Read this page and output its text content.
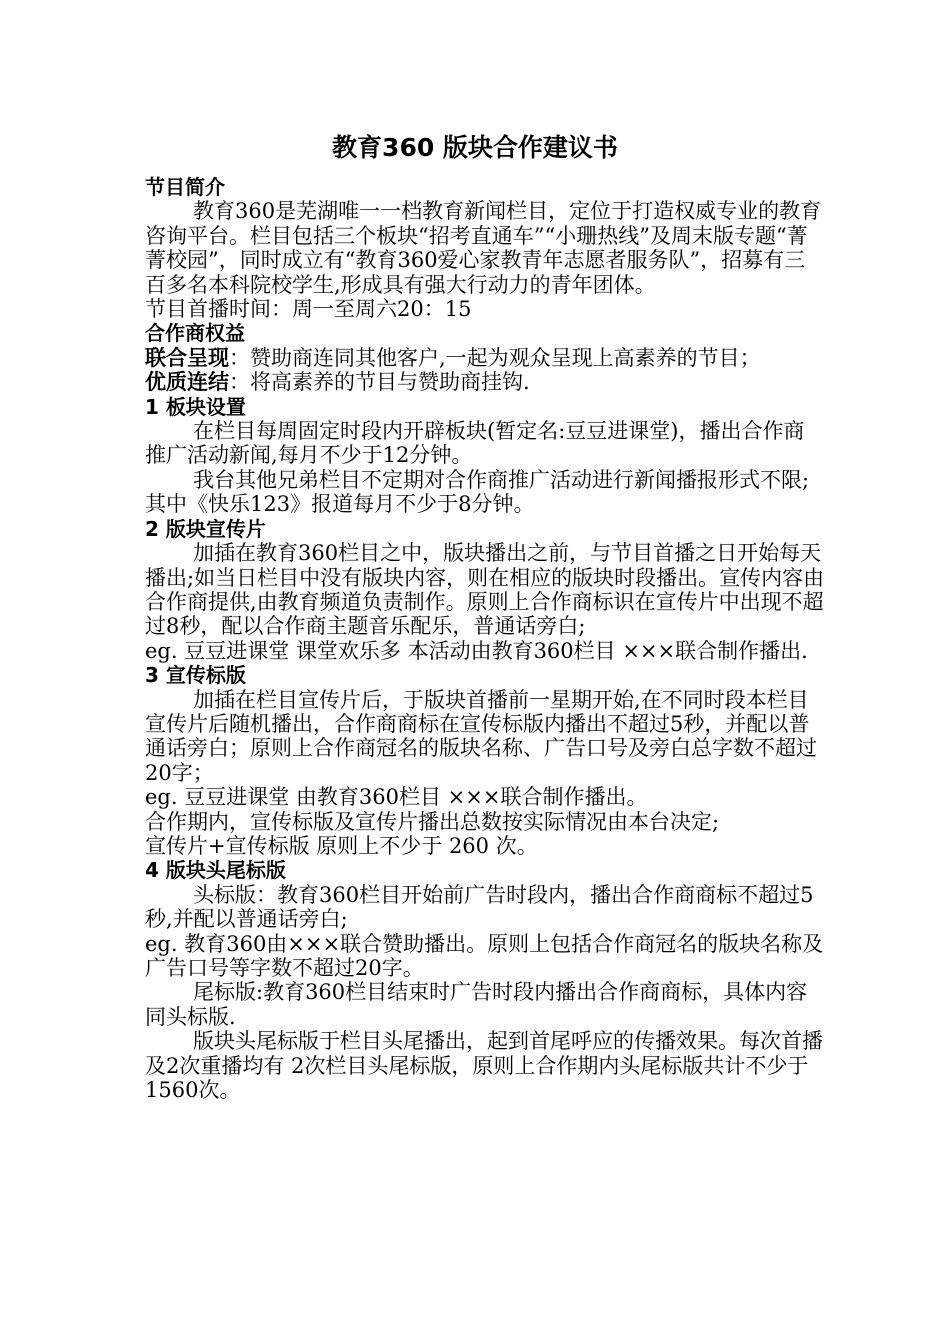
教育360 版块合作建议书

节目简介

教育360是芜湖唯一一档教育新闻栏目，定位于打造权威专业的教育咨询平台。栏目包括三个板块“招考直通车”“小珊热线”及周末版专题“菁菁校园”，同时成立有“教育360爱心家教青年志愿者服务队”，招募有三百多名本科院校学生,形成具有强大行动力的青年团体。

节目首播时间：周一至周六20：15

合作商权益

联合呈现：赞助商连同其他客户,一起为观众呈现上高素养的节目；

优质连结：将高素养的节目与赞助商挂钩.

1 板块设置

在栏目每周固定时段内开辟板块(暂定名:豆豆进课堂)，播出合作商推广活动新闻,每月不少于12分钟。

我台其他兄弟栏目不定期对合作商推广活动进行新闻播报形式不限;其中《快乐123》报道每月不少于8分钟。

2 版块宣传片

加插在教育360栏目之中，版块播出之前，与节目首播之日开始每天播出;如当日栏目中没有版块内容，则在相应的版块时段播出。宣传内容由合作商提供,由教育频道负责制作。原则上合作商标识在宣传片中出现不超过8秒，配以合作商主题音乐配乐，普通话旁白;

eg. 豆豆进课堂 课堂欢乐多 本活动由教育360栏目 ×××联合制作播出.

3 宣传标版

加插在栏目宣传片后，于版块首播前一星期开始,在不同时段本栏目宣传片后随机播出，合作商商标在宣传标版内播出不超过5秒，并配以普通话旁白；原则上合作商冠名的版块名称、广告口号及旁白总字数不超过20字；

eg. 豆豆进课堂 由教育360栏目 ×××联合制作播出。

合作期内，宣传标版及宣传片播出总数按实际情况由本台决定;

宣传片+宣传标版 原则上不少于 260 次。

4 版块头尾标版

头标版：教育360栏目开始前广告时段内，播出合作商商标不超过5秒,并配以普通话旁白;

eg. 教育360由×××联合赞助播出。原则上包括合作商冠名的版块名称及广告口号等字数不超过20字。

尾标版:教育360栏目结束时广告时段内播出合作商商标，具体内容同头标版.

版块头尾标版于栏目头尾播出，起到首尾呼应的传播效果。每次首播及2次重播均有 2次栏目头尾标版，原则上合作期内头尾标版共计不少于1560次。
